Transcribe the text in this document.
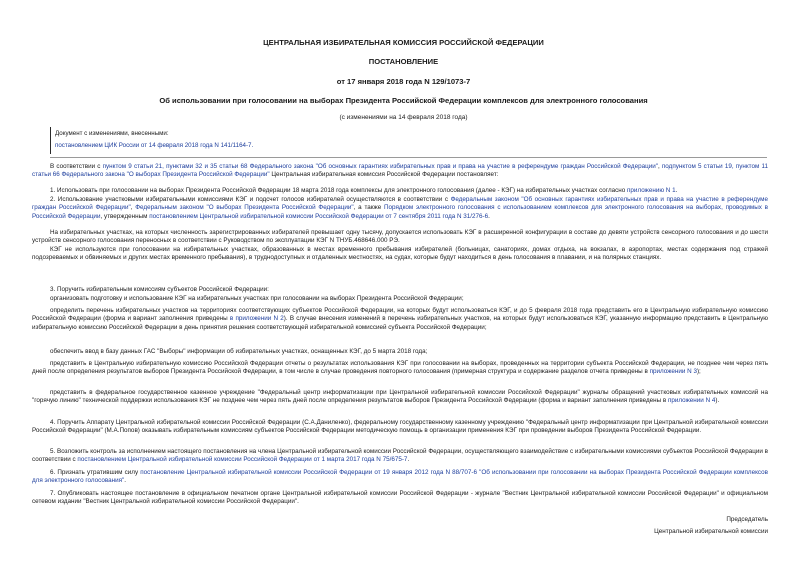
ЦЕНТРАЛЬНАЯ ИЗБИРАТЕЛЬНАЯ КОМИССИЯ РОССИЙСКОЙ ФЕДЕРАЦИИ
ПОСТАНОВЛЕНИЕ
от 17 января 2018 года N 129/1073-7
Об использовании при голосовании на выборах Президента Российской Федерации комплексов для электронного голосования
(с изменениями на 14 февраля 2018 года)
Документ с изменениями, внесенными:
постановлением ЦИК России от 14 февраля 2018 года N 141/1164-7.
В соответствии с пунктом 9 статьи 21, пунктами 32 и 35 статьи 68 Федерального закона "Об основных гарантиях избирательных прав и права на участие в референдуме граждан Российской Федерации", подпунктом 5 статьи 19, пунктом 11 статьи 66 Федерального закона "О выборах Президента Российской Федерации" Центральная избирательная комиссия Российской Федерации постановляет:
1. Использовать при голосовании на выборах Президента Российской Федерации 18 марта 2018 года комплексы для электронного голосования (далее - КЭГ) на избирательных участках согласно приложению N 1.
2. Использование участковыми избирательными комиссиями КЭГ и подсчет голосов избирателей осуществляются в соответствии с Федеральным законом "Об основных гарантиях избирательных прав и права на участие в референдуме граждан Российской Федерации", Федеральным законом "О выборах Президента Российской Федерации", а также Порядком электронного голосования с использованием комплексов для электронного голосования на выборах, проводимых в Российской Федерации, утвержденным постановлением Центральной избирательной комиссии Российской Федерации от 7 сентября 2011 года N 31/276-6.
На избирательных участках, на которых численность зарегистрированных избирателей превышает одну тысячу, допускается использовать КЭГ в расширенной конфигурации в составе до девяти устройств сенсорного голосования и до шести устройств сенсорного голосования переносных в соответствии с Руководством по эксплуатации КЭГ N ТНУБ.468646.000 РЭ.
КЭГ не используются при голосовании на избирательных участках, образованных в местах временного пребывания избирателей (больницах, санаториях, домах отдыха, на вокзалах, в аэропортах, местах содержания под стражей подозреваемых и обвиняемых и других местах временного пребывания), в труднодоступных и отдаленных местностях, на судах, которые будут находиться в день голосования в плавании, и на полярных станциях.
3. Поручить избирательным комиссиям субъектов Российской Федерации:
организовать подготовку и использование КЭГ на избирательных участках при голосовании на выборах Президента Российской Федерации;
определить перечень избирательных участков на территориях соответствующих субъектов Российской Федерации, на которых будут использоваться КЭГ, и до 5 февраля 2018 года представить его в Центральную избирательную комиссию Российской Федерации (форма и вариант заполнения приведены в приложении N 2). В случае внесения изменений в перечень избирательных участков, на которых будут использоваться КЭГ, указанную информацию представить в Центральную избирательную комиссию Российской Федерации в день принятия решения соответствующей избирательной комиссией субъекта Российской Федерации;
обеспечить ввод в базу данных ГАС "Выборы" информации об избирательных участках, оснащенных КЭГ, до 5 марта 2018 года;
представить в Центральную избирательную комиссию Российской Федерации отчеты о результатах использования КЭГ при голосовании на выборах, проведенных на территории субъекта Российской Федерации, не позднее чем через пять дней после определения результатов выборов Президента Российской Федерации, в том числе в случае проведения повторного голосования (примерная структура и содержание разделов отчета приведены в приложении N 3);
представить в федеральное государственное казенное учреждение "Федеральный центр информатизации при Центральной избирательной комиссии Российской Федерации" журналы обращений участковых избирательных комиссий на "горячую линию" технической поддержки использования КЭГ не позднее чем через пять дней после определения результатов выборов Президента Российской Федерации (форма и вариант заполнения приведены в приложении N 4).
4. Поручить Аппарату Центральной избирательной комиссии Российской Федерации (С.А.Даниленко), федеральному государственному казенному учреждению "Федеральный центр информатизации при Центральной избирательной комиссии Российской Федерации" (М.А.Попов) оказывать избирательным комиссиям субъектов Российской Федерации методическую помощь в организации применения КЭГ при проведении выборов Президента Российской Федерации.
5. Возложить контроль за исполнением настоящего постановления на члена Центральной избирательной комиссии Российской Федерации, осуществляющего взаимодействие с избирательными комиссиями субъектов Российской Федерации в соответствии с постановлением Центральной избирательной комиссии Российской Федерации от 1 марта 2017 года N 75/675-7.
6. Признать утратившим силу постановление Центральной избирательной комиссии Российской Федерации от 19 января 2012 года N 88/707-6 "Об использовании при голосовании на выборах Президента Российской Федерации комплексов для электронного голосования".
7. Опубликовать настоящее постановление в официальном печатном органе Центральной избирательной комиссии Российской Федерации - журнале "Вестник Центральной избирательной комиссии Российской Федерации" и официальном сетевом издании "Вестник Центральной избирательной комиссии Российской Федерации".
Председатель
Центральной избирательной комиссии
